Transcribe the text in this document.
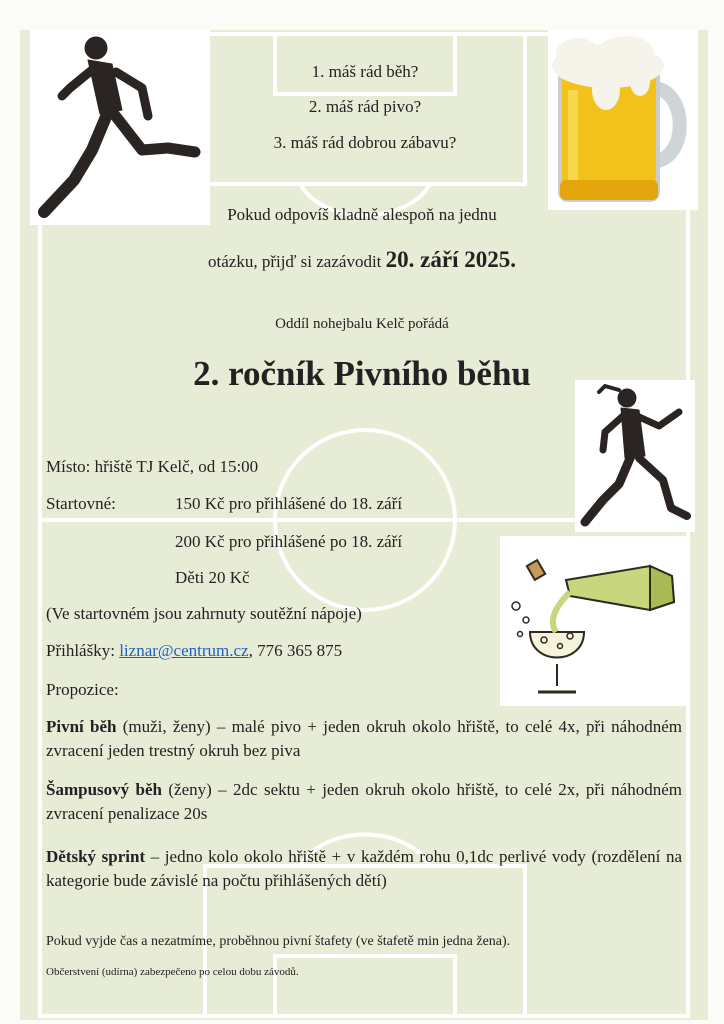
1. máš rád běh?
2. máš rád pivo?
3. máš rád dobrou zábavu?
Pokud odpovíš kladně alespoň na jednu
otázku, přijď si zazávodit 20. září 2025.
Oddíl nohejbalu Kelč pořádá
2. ročník Pivního běhu
Místo: hřiště TJ Kelč, od 15:00
Startovné:	150 Kč pro přihlášené do 18. září
200 Kč pro přihlášené po 18. září
Děti 20 Kč
(Ve startovném jsou zahrnuty soutěžní nápoje)
Přihlášky: liznar@centrum.cz, 776 365 875
Propozice:
Pivní běh (muži, ženy) – malé pivo + jeden okruh okolo hřiště, to celé 4x, při náhodném zvracení jeden trestný okruh bez piva
Šampusový běh (ženy) – 2dc sektu + jeden okruh okolo hřiště, to celé 2x, při náhodném zvracení penalizace 20s
Dětský sprint – jedno kolo okolo hřiště + v každém rohu 0,1dc perlivé vody (rozdělení na kategorie bude závislé na počtu přihlášených dětí)
Pokud vyjde čas a nezatmíme, proběhnou pivní štafety (ve štafetě min jedna žena).
Občerstvení (udírna) zabezpečeno po celou dobu závodů.
